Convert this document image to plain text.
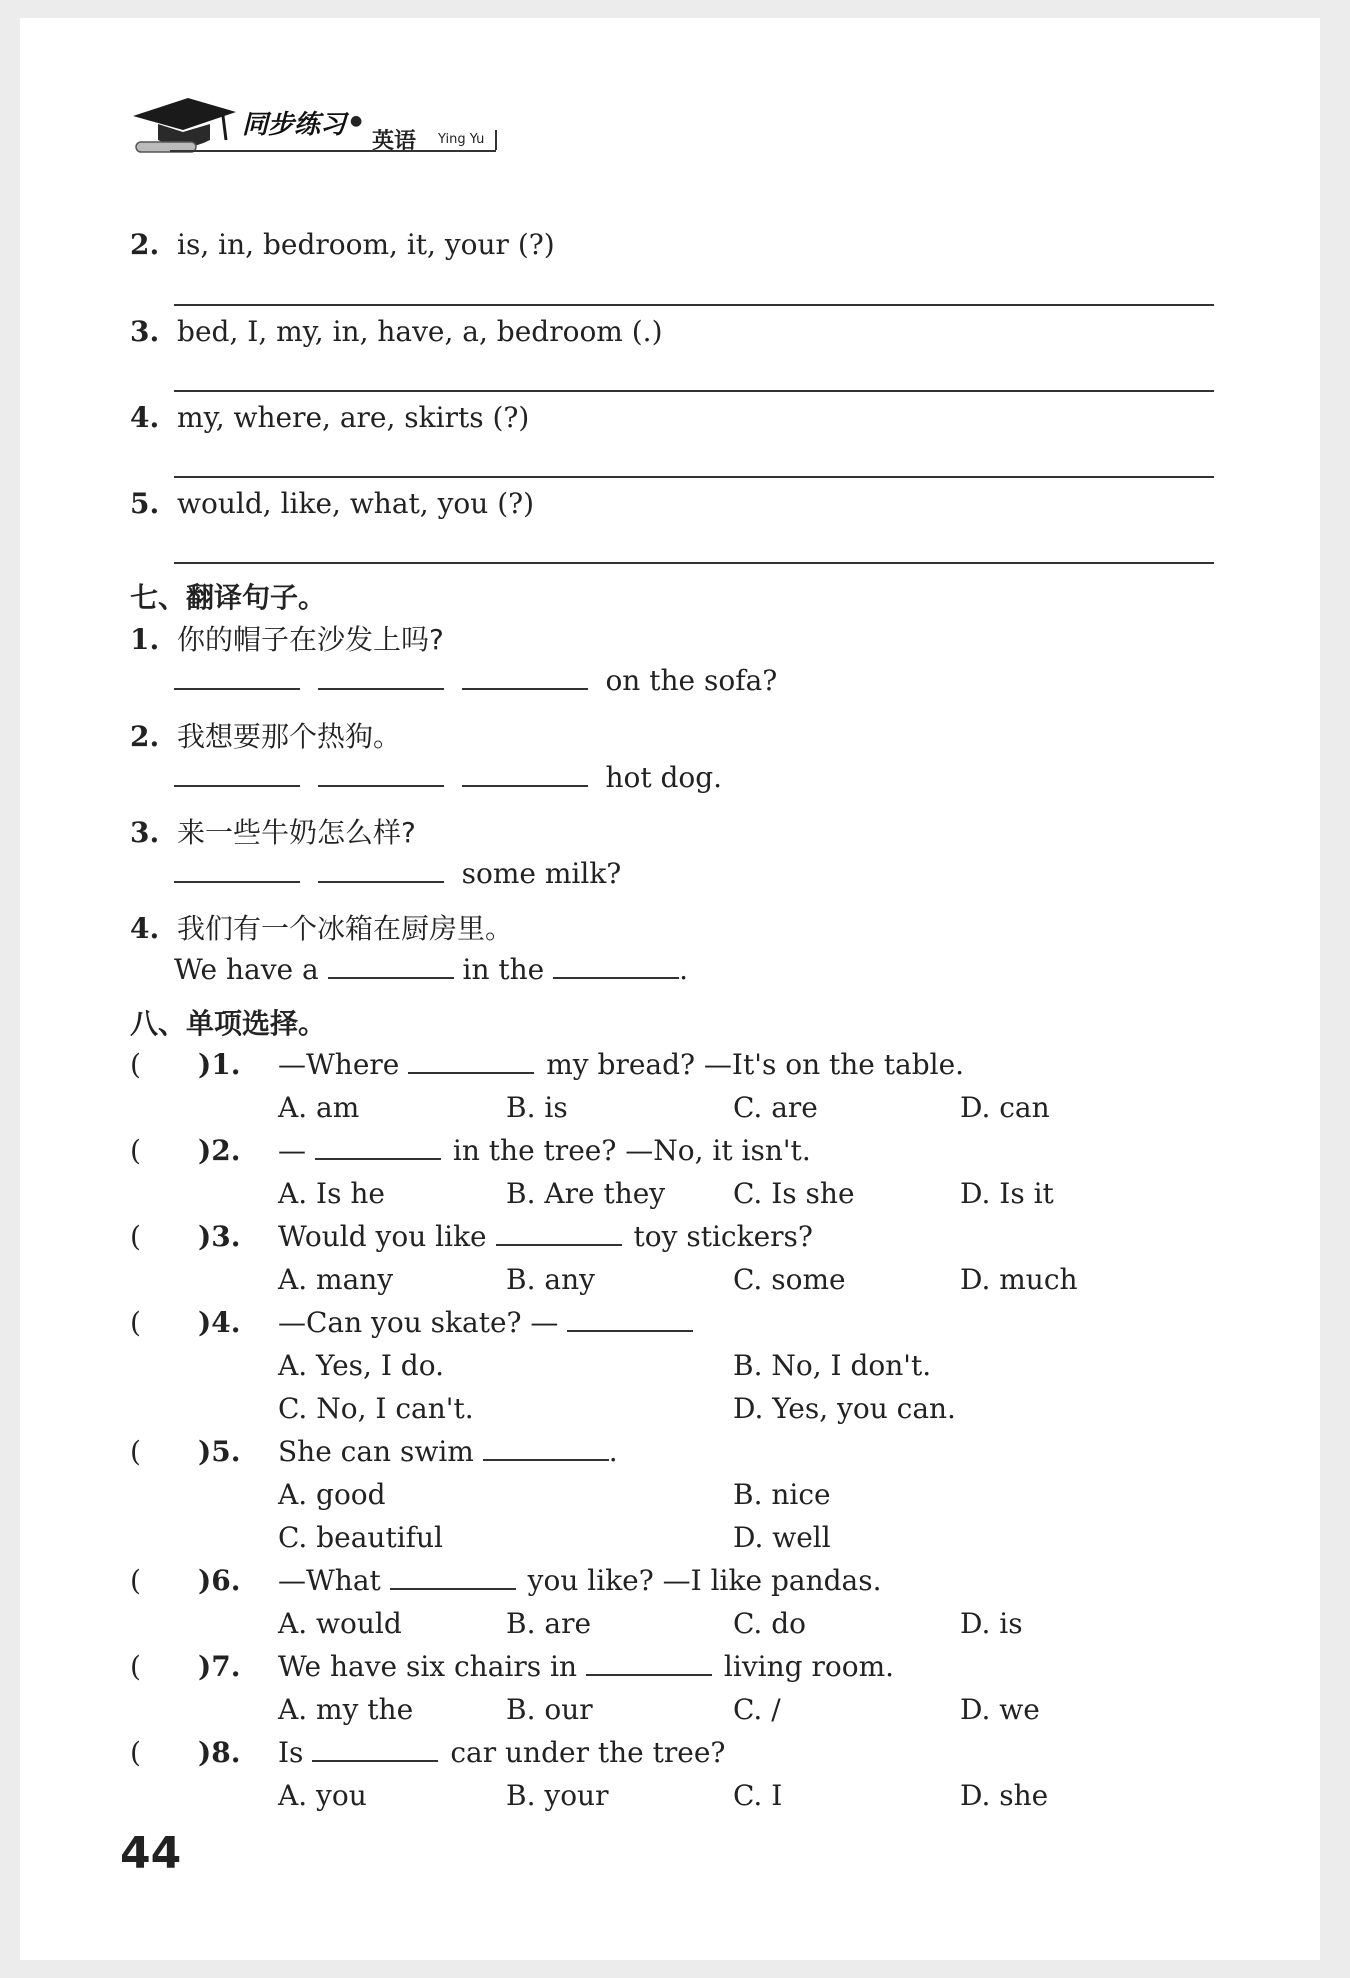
同步练习 ●
英语 Ying Yu
2. is, in, bedroom, it, your (?)
3. bed, I, my, in, have, a, bedroom (.)
4. my, where, are, skirts (?)
5. would, like, what, you (?)
七、翻译句子。
1. 你的帽子在沙发上吗?
on the sofa?
2. 我想要那个热狗。
hot dog.
3. 来一些牛奶怎么样?
some milk?
4. 我们有一个冰箱在厨房里。
We have a	in the	.
八、单项选择。
( )1. —Where	my bread? —It's on the table.
A. am	B. is	C. are	D. can
( )2. —	in the tree? —No, it isn't.
A. Is he	B. Are they C. Is she	D. Is it
( )3. Would you like	toy stickers?
A. many	B. any	C. some	D. much
( )4. —Can you skate? —
A. Yes, I do.	B. No, I don't.
C. No, I can't.	D. Yes, you can.
( )5. She can swim	.
A. good	B. nice
C. beautiful	D. well
( )6. —What	you like? —I like pandas.
A. would	B. are	C. do	D. is
( )7. We have six chairs in	living room.
A. my the	B. our	C. /	D. we
( )8. Is	car under the tree?
A. you	B. your	C. I	D. she
44
